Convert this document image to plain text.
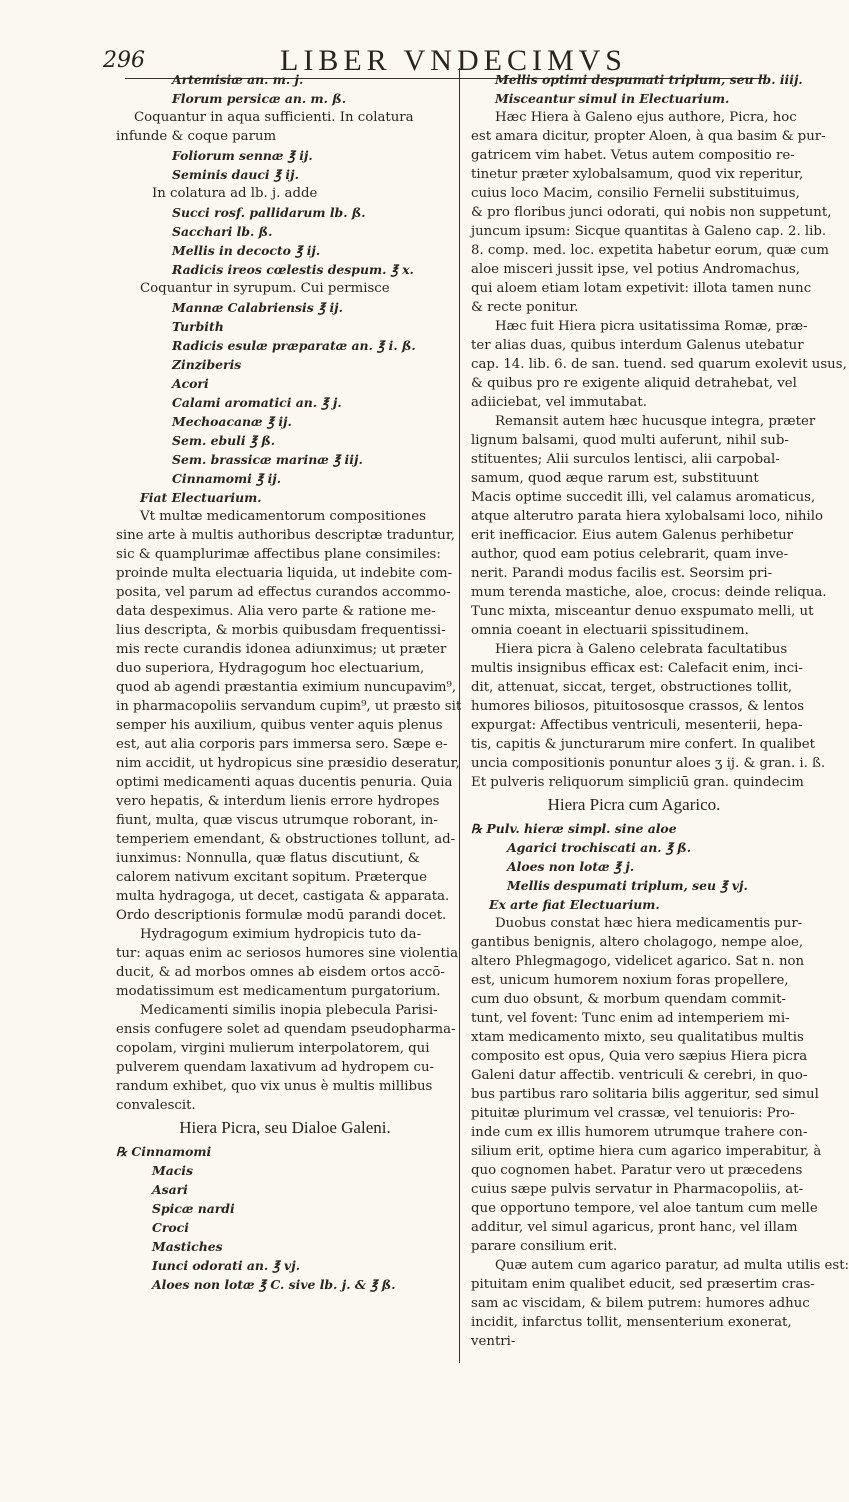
296	LIBER VNDECIMVS
Artemisiæ an. m. j.
Florum persicæ an. m. ß.
Coquantur in aqua sufficienti. In colatura
infunde & coque parum
Foliorum sennæ ℥ ij.
Seminis dauci ℥ ij.
In colatura ad lb. j. adde
Succi rosf. pallidarum lb. ß.
Sacchari lb. ß.
Mellis in decocto ℥ ij.
Radicis ireos cœlestis despum. ℥ x.
Coquantur in syrupum. Cui permisce
Mannæ Calabriensis ℥ ij.
Turbith
Radicis esulæ præparatæ an. ℥ i. ß.
Zinziberis
Acori
Calami aromatici an. ℥ j.
Mechoacanæ ℥ ij.
Sem. ebuli ℥ ß.
Sem. brassicæ marinæ ℥ iij.
Cinnamomi ℥ ij.
Fiat Electuarium.
Vt multæ medicamentorum compositiones
sine arte à multis authoribus descriptæ traduntur,
sic & quamplurimæ affectibus plane consimiles:
proinde multa electuaria liquida, ut indebite com-
posita, vel parum ad effectus curandos accommo-
data despeximus. Alia vero parte & ratione me-
lius descripta, & morbis quibusdam frequentissi-
mis recte curandis idonea adiunximus; ut præter
duo superiora, Hydragogum hoc electuarium,
quod ab agendi præstantia eximium nuncupavim⁹,
in pharmacopoliis servandum cupim⁹, ut præsto sit
semper his auxilium, quibus venter aquis plenus
est, aut alia corporis pars immersa sero. Sæpe e-
nim accidit, ut hydropicus sine præsidio deseratur,
optimi medicamenti aquas ducentis penuria. Quia
vero hepatis, & interdum lienis errore hydropes
fiunt, multa, quæ viscus utrumque roborant, in-
temperiem emendant, & obstructiones tollunt, ad-
iunximus: Nonnulla, quæ flatus discutiunt, &
calorem nativum excitant sopitum. Præterque
multa hydragoga, ut decet, castigata & apparata.
Ordo descriptionis formulæ modū parandi docet.
Hydragogum eximium hydropicis tuto da-
tur: aquas enim ac seriosos humores sine violentia
ducit, & ad morbos omnes ab eisdem ortos accō-
modatissimum est medicamentum purgatorium.
Medicamenti similis inopia plebecula Parisi-
ensis confugere solet ad quendam pseudopharma-
copolam, virgini mulierum interpolatorem, qui
pulverem quendam laxativum ad hydropem cu-
randum exhibet, quo vix unus è multis millibus
convalescit.
Hiera Picra, seu Dialoe Galeni.
℞ Cinnamomi
Macis
Asari
Spicæ nardi
Croci
Mastiches
Iunci odorati an. ℥ vj.
Aloes non lotæ ℥ C. sive lb. j. & ℥ ß.
Mellis optimi despumati triplum, seu lb. iiij.
Misceantur simul in Electuarium.
Hæc Hiera à Galeno ejus authore, Picra, hoc
est amara dicitur, propter Aloen, à qua basim & pur-
gatricem vim habet. Vetus autem compositio re-
tinetur præter xylobalsamum, quod vix reperitur,
cuius loco Macim, consilio Fernelii substituimus,
& pro floribus junci odorati, qui nobis non suppetunt,
juncum ipsum: Sicque quantitas à Galeno cap. 2. lib.
8. comp. med. loc. expetita habetur eorum, quæ cum
aloe misceri jussit ipse, vel potius Andromachus,
qui aloem etiam lotam expetivit: illota tamen nunc
& recte ponitur.
Hæc fuit Hiera picra usitatissima Romæ, præ-
ter alias duas, quibus interdum Galenus utebatur
cap. 14. lib. 6. de san. tuend. sed quarum exolevit usus,
& quibus pro re exigente aliquid detrahebat, vel
adiiciebat, vel immutabat.
Remansit autem hæc hucusque integra, præter
lignum balsami, quod multi auferunt, nihil sub-
stituentes; Alii surculos lentisci, alii carpobal-
samum, quod æque rarum est, substituunt
Macis optime succedit illi, vel calamus aromaticus,
atque alterutro parata hiera xylobalsami loco, nihilo
erit inefficacior. Eius autem Galenus perhibetur
author, quod eam potius celebrarit, quam inve-
nerit. Parandi modus facilis est. Seorsim pri-
mum terenda mastiche, aloe, crocus: deinde reliqua.
Tunc mixta, misceantur denuo exspumato melli, ut
omnia coeant in electuarii spissitudinem.
Hiera picra à Galeno celebrata facultatibus
multis insignibus efficax est: Calefacit enim, inci-
dit, attenuat, siccat, terget, obstructiones tollit,
humores biliosos, pituitososque crassos, & lentos
expurgat: Affectibus ventriculi, mesenterii, hepa-
tis, capitis & juncturarum mire confert. In qualibet
uncia compositionis ponuntur aloes ʒ ij. & gran. i. ß.
Et pulveris reliquorum simpliciū gran. quindecim
Hiera Picra cum Agarico.
℞ Pulv. hieræ simpl. sine aloe
Agarici trochiscati an. ℥ ß.
Aloes non lotæ ℥ j.
Mellis despumati triplum, seu ℥ vj.
Ex arte fiat Electuarium.
Duobus constat hæc hiera medicamentis pur-
gantibus benignis, altero cholagogo, nempe aloe,
altero Phlegmagogo, videlicet agarico. Sat n. non
est, unicum humorem noxium foras propellere,
cum duo obsunt, & morbum quendam commit-
tunt, vel fovent: Tunc enim ad intemperiem mi-
xtam medicamento mixto, seu qualitatibus multis
composito est opus, Quia vero sæpius Hiera picra
Galeni datur affectib. ventriculi & cerebri, in quo-
bus partibus raro solitaria bilis aggeritur, sed simul
pituitæ plurimum vel crassæ, vel tenuioris: Pro-
inde cum ex illis humorem utrumque trahere con-
silium erit, optime hiera cum agarico imperabitur, à
quo cognomen habet. Paratur vero ut præcedens
cuius sæpe pulvis servatur in Pharmacopoliis, at-
que opportuno tempore, vel aloe tantum cum melle
additur, vel simul agaricus, pront hanc, vel illam
parare consilium erit.
Quæ autem cum agarico paratur, ad multa utilis est:
pituitam enim qualibet educit, sed præsertim cras-
sam ac viscidam, & bilem putrem: humores adhuc
incidit, infarctus tollit, mensenterium exonerat,
ventri-
